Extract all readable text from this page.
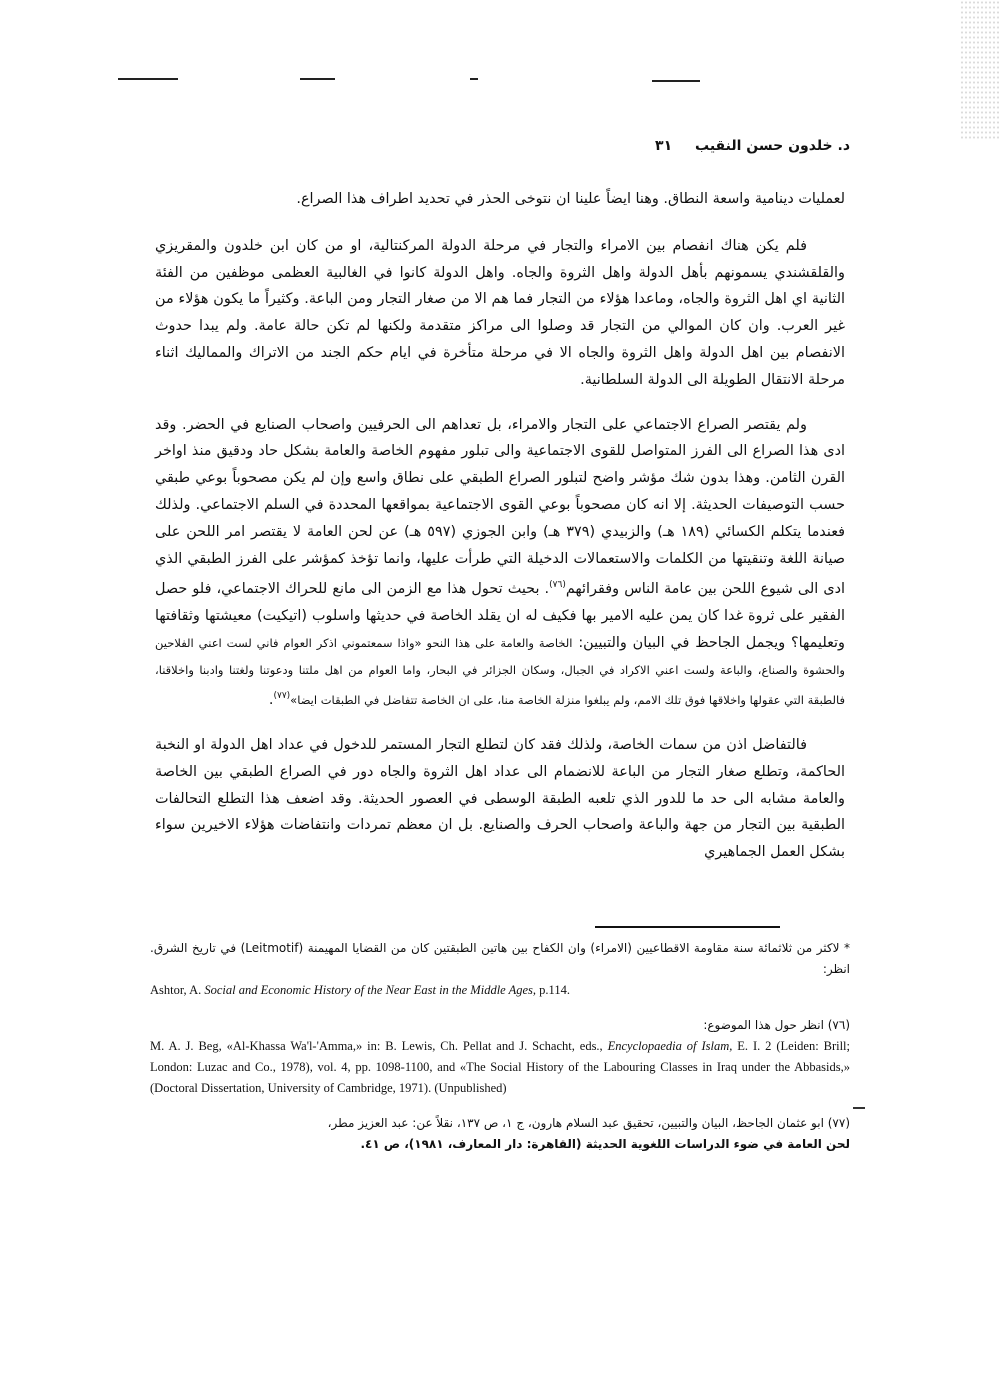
د. خلدون حسن النقيب ٣١

لعمليات دينامية واسعة النطاق. وهنا ايضاً علينا ان نتوخى الحذر في تحديد اطراف هذا الصراع.

فلم يكن هناك انفصام بين الامراء والتجار في مرحلة الدولة المركنتالية، او من كان ابن خلدون والمقريزي والقلقشندي يسمونهم بأهل الدولة واهل الثروة والجاه. واهل الدولة كانوا في الغالبية العظمى موظفين من الفئة الثانية اي اهل الثروة والجاه، وماعدا هؤلاء من التجار فما هم الا من صغار التجار ومن الباعة. وكثيراً ما يكون هؤلاء من غير العرب. وان كان الموالي من التجار قد وصلوا الى مراكز متقدمة ولكنها لم تكن حالة عامة. ولم يبدا حدوث الانفصام بين اهل الدولة واهل الثروة والجاه الا في مرحلة متأخرة في ايام حكم الجند من الاتراك والمماليك اثناء مرحلة الانتقال الطويلة الى الدولة السلطانية.

ولم يقتصر الصراع الاجتماعي على التجار والامراء، بل تعداهم الى الحرفيين واصحاب الصنايع في الحضر. وقد ادى هذا الصراع الى الفرز المتواصل للقوى الاجتماعية والى تبلور مفهوم الخاصة والعامة بشكل حاد ودقيق منذ اواخر القرن الثامن. وهذا بدون شك مؤشر واضح لتبلور الصراع الطبقي على نطاق واسع وإن لم يكن مصحوباً بوعي طبقي حسب التوصيفات الحديثة. إلا انه كان مصحوباً بوعي القوى الاجتماعية بمواقعها المحددة في السلم الاجتماعي. ولذلك فعندما يتكلم الكسائي (١٨٩ هـ) والزبيدي (٣٧٩ هـ) وابن الجوزي (٥٩٧ هـ) عن لحن العامة لا يقتصر امر اللحن على صيانة اللغة وتنقيتها من الكلمات والاستعمالات الدخيلة التي طرأت عليها، وانما تؤخذ كمؤشر على الفرز الطبقي الذي ادى الى شيوع اللحن بين عامة الناس وفقرائهم$^{(٧٦)}$. بحيث تحول هذا مع الزمن الى مانع للحراك الاجتماعي، فلو حصل الفقير على ثروة غدا كان يمن عليه الامير بها فكيف له ان يقلد الخاصة في حديثها واسلوب (اتيكيت) معيشتها وثقافتها وتعليمها؟ ويجمل الجاحظ في البيان والتبيين: الخاصة والعامة على هذا النحو «واذا سمعتموني اذكر العوام فاني لست اعني الفلاحين والحشوة والصناع، والباعة ولست اعني الاكراد في الجبال، وسكان الجزائر في البحار، واما العوام من اهل ملتنا ودعوتنا ولغتنا وادبنا واخلاقنا، فالطبقة التي عقولها واخلاقها فوق تلك الامم، ولم يبلغوا منزلة الخاصة منا، على ان الخاصة تتفاضل في الطبقات ايضا»$^{(٧٧)}$.

فالتفاضل اذن من سمات الخاصة، ولذلك فقد كان لتطلع التجار المستمر للدخول في عداد اهل الدولة او النخبة الحاكمة، وتطلع صغار التجار من الباعة للانضمام الى عداد اهل الثروة والجاه دور في الصراع الطبقي بين الخاصة والعامة مشابه الى حد ما للدور الذي تلعبه الطبقة الوسطى في العصور الحديثة. وقد اضعف هذا التطلع التحالفات الطبقية بين التجار من جهة والباعة واصحاب الحرف والصنايع. بل ان معظم تمردات وانتفاضات هؤلاء الاخيرين سواء بشكل العمل الجماهيري

* لاكثر من ثلاثمائة سنة مقاومة الاقطاعيين (الامراء) وان الكفاح بين هاتين الطبقتين كان من القضايا المهيمنة (Leitmotif) في تاريخ الشرق. انظر:

Ashtor, A. Social and Economic History of the Near East in the Middle Ages, p.114.

(٧٦) انظر حول هذا الموضوع:

M. A. J. Beg, «Al-Khassa Wa'l-'Amma,» in: B. Lewis, Ch. Pellat and J. Schacht, eds., Encyclopaedia of Islam, E. I. 2 (Leiden: Brill; London: Luzac and Co., 1978), vol. 4, pp. 1098-1100, and «The Social History of the Labouring Classes in Iraq under the Abbasids,» (Doctoral Dissertation, University of Cambridge, 1971). (Unpublished)

(٧٧) ابو عثمان الجاحظ، البيان والتبيين، تحقيق عبد السلام هارون، ج ١، ص ١٣٧، نقلاً عن: عبد العزيز مطر،

لحن العامة في ضوء الدراسات اللغوية الحديثة (القاهرة: دار المعارف، ١٩٨١)، ص ٤١.
